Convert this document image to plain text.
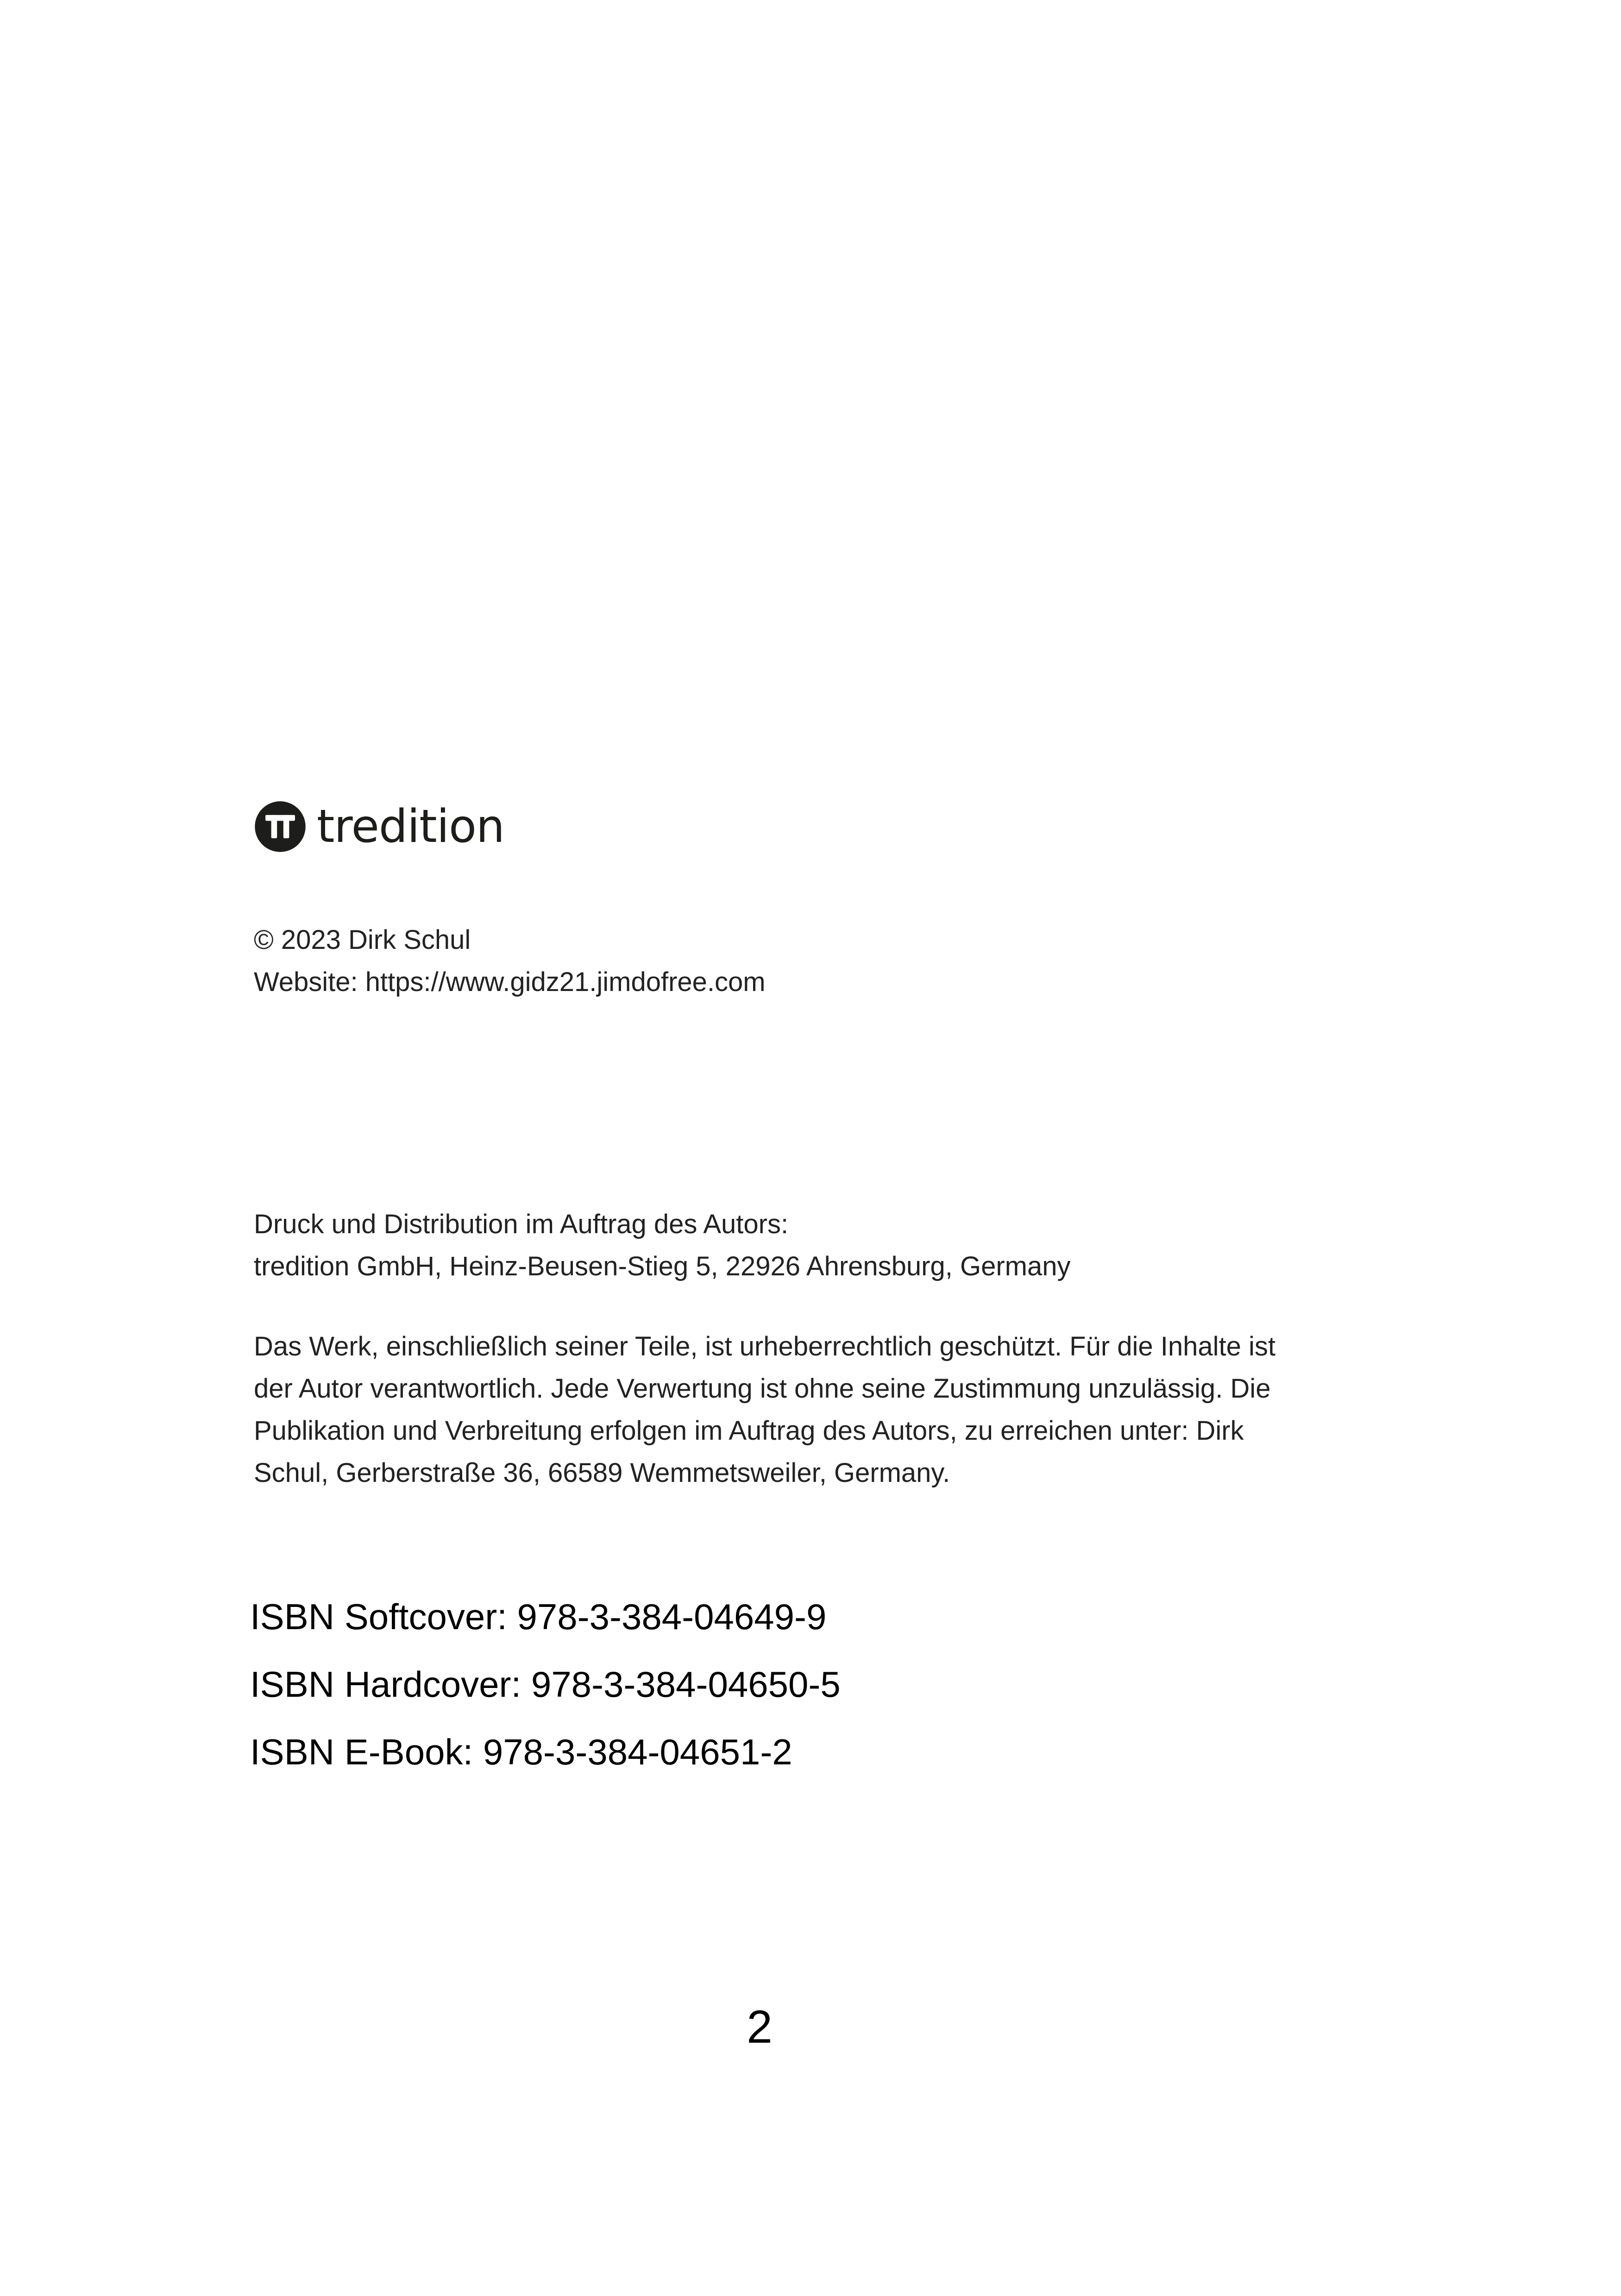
tredition
© 2023 Dirk Schul
Website: https://www.gidz21.jimdofree.com
Druck und Distribution im Auftrag des Autors:
tredition GmbH, Heinz-Beusen-Stieg 5, 22926 Ahrensburg, Germany
Das Werk, einschließlich seiner Teile, ist urheberrechtlich geschützt. Für die Inhalte ist
der Autor verantwortlich. Jede Verwertung ist ohne seine Zustimmung unzulässig. Die
Publikation und Verbreitung erfolgen im Auftrag des Autors, zu erreichen unter: Dirk
Schul, Gerberstraße 36, 66589 Wemmetsweiler, Germany.
ISBN Softcover: 978-3-384-04649-9
ISBN Hardcover: 978-3-384-04650-5
ISBN E-Book: 978-3-384-04651-2
2
